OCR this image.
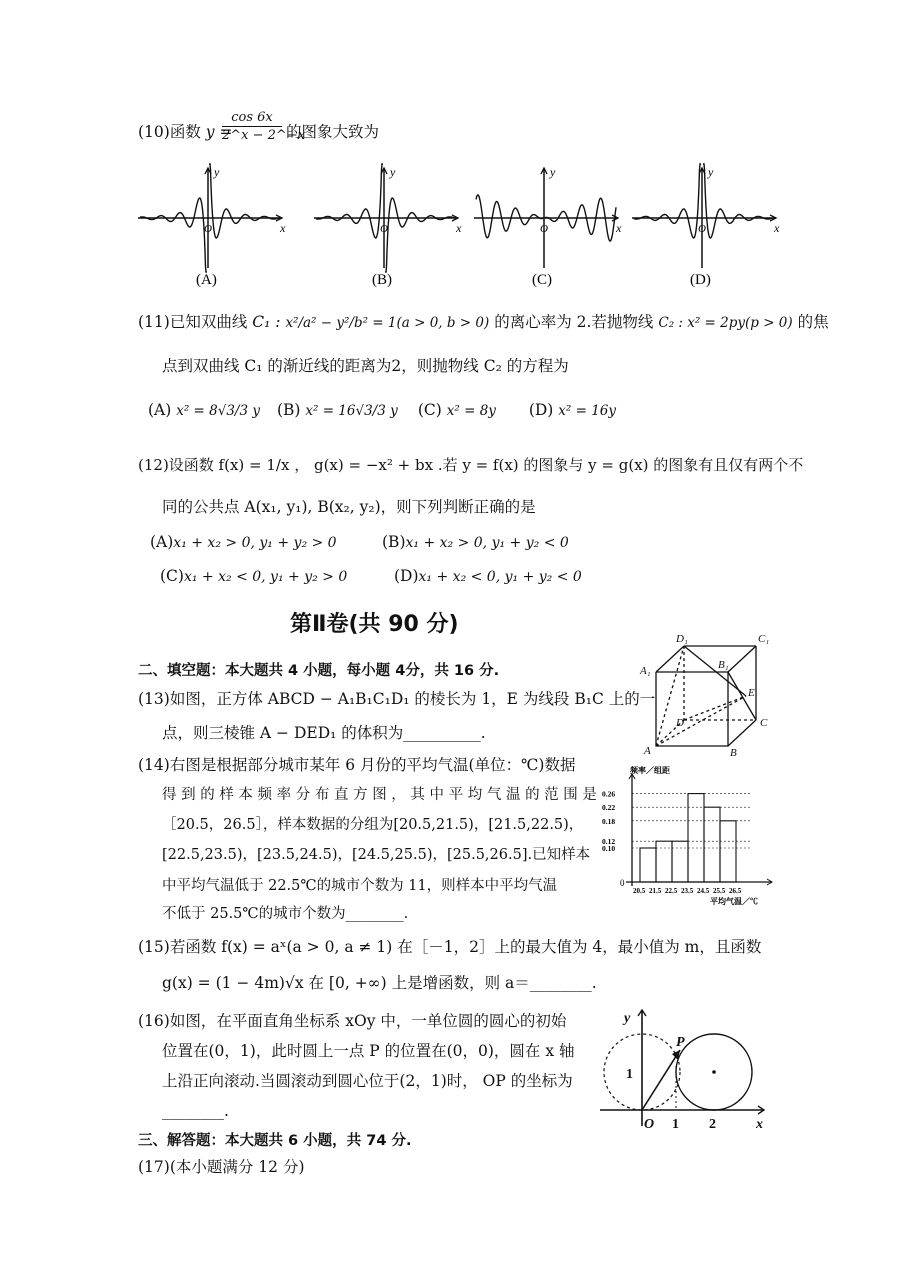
(10)函数 y =
$\frac{\cos 6x}{2\^{}x - 2\^{}-x}$ 的图象大致为
y
x
O
(A)
y
x
O
(B)
y
x
O
(C)
y
x
O
(D)
(11)已知双曲线 C₁ : x²/a² − y²/b² = 1(a > 0, b > 0) 的离心率为 2.若抛物线 C₂ : x² = 2py(p > 0) 的焦
点到双曲线 C₁ 的渐近线的距离为2，则抛物线 C₂ 的方程为
(A) x² = 8√3/3 y (B) x² = 16√3/3 y (C) x² = 8y (D) x² = 16y
(12)设函数 f(x) = 1/x ， g(x) = −x² + bx .若 y = f(x) 的图象与 y = g(x) 的图象有且仅有两个不
同的公共点 A(x₁, y₁), B(x₂, y₂)，则下列判断正确的是
(A)x₁ + x₂ > 0, y₁ + y₂ > 0	(B)x₁ + x₂ > 0, y₁ + y₂ < 0
(C)x₁ + x₂ < 0, y₁ + y₂ > 0	(D)x₁ + x₂ < 0, y₁ + y₂ < 0
第Ⅱ卷(共 90 分)
D₁	C₁
A₁	B₁
E
D	C
A	B
二、填空题：本大题共 4 小题，每小题 4分，共 16 分.
(13)如图，正方体 ABCD − A₁B₁C₁D₁ 的棱长为 1，E 为线段 B₁C 上的一
点，则三棱锥 A − DED₁ 的体积为__________.
(14)右图是根据部分城市某年 6 月份的平均气温(单位：℃)数据
得 到 的 样 本 频 率 分 布 直 方 图 ， 其 中 平 均 气 温 的 范 围 是
［20.5，26.5］，样本数据的分组为[20.5,21.5)，[21.5,22.5)，
[22.5,23.5)，[23.5,24.5)，[24.5,25.5)，[25.5,26.5].已知样本
中平均气温低于 22.5℃的城市个数为 11，则样本中平均气温
不低于 25.5℃的城市个数为________.
频率／组距
0
0.26
0.22
0.18
0.12
0.10
20.5 21.5 22.5 23.5 24.5 25.5 26.5
平均气温／℃
(15)若函数 f(x) = aˣ(a > 0, a ≠ 1) 在［－1，2］上的最大值为 4，最小值为 m，且函数
g(x) = (1 − 4m)√x 在 [0, +∞) 上是增函数，则 a＝________.
(16)如图，在平面直角坐标系 xOy 中，一单位圆的圆心的初始
位置在(0，1)，此时圆上一点 P 的位置在(0，0)，圆在 x 轴
上沿正向滚动.当圆滚动到圆心位于(2，1)时， OP 的坐标为
________.
y
x
P
O
1
1 2
三、解答题：本大题共 6 小题，共 74 分.
(17)(本小题满分 12 分)
